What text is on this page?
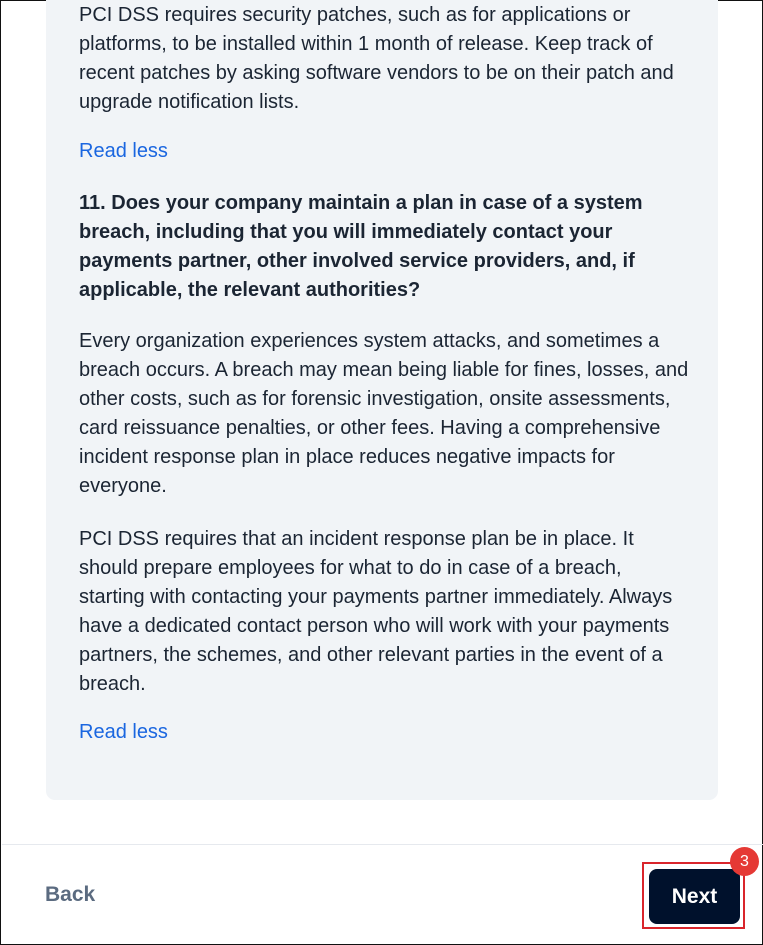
PCI DSS requires security patches, such as for applications or platforms, to be installed within 1 month of release. Keep track of recent patches by asking software vendors to be on their patch and upgrade notification lists.

Read less

11. Does your company maintain a plan in case of a system breach, including that you will immediately contact your payments partner, other involved service providers, and, if applicable, the relevant authorities?

Every organization experiences system attacks, and sometimes a breach occurs. A breach may mean being liable for fines, losses, and other costs, such as for forensic investigation, onsite assessments, card reissuance penalties, or other fees. Having a comprehensive incident response plan in place reduces negative impacts for everyone.

PCI DSS requires that an incident response plan be in place. It should prepare employees for what to do in case of a breach, starting with contacting your payments partner immediately. Always have a dedicated contact person who will work with your payments partners, the schemes, and other relevant parties in the event of a breach.

Read less
Back	Next
3
